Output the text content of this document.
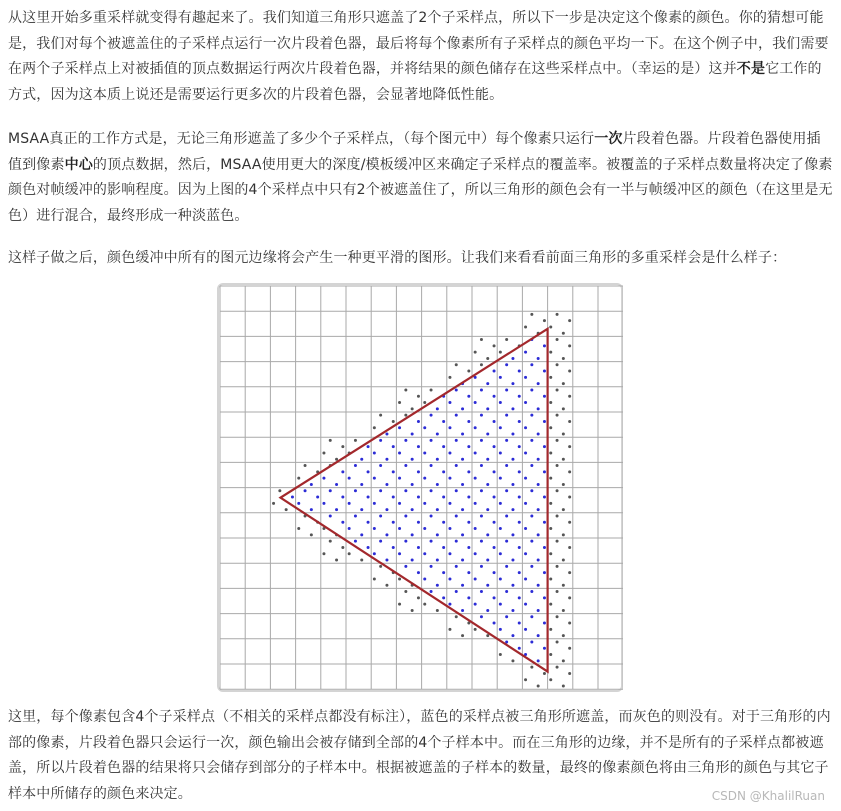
从这里开始多重采样就变得有趣起来了。我们知道三角形只遮盖了2个子采样点，所以下一步是决定这个像素的颜色。你的猜想可能是，我们对每个被遮盖住的子采样点运行一次片段着色器，最后将每个像素所有子采样点的颜色平均一下。在这个例子中，我们需要在两个子采样点上对被插值的顶点数据运行两次片段着色器，并将结果的颜色储存在这些采样点中。（幸运的是）这并不是它工作的方式，因为这本质上说还是需要运行更多次的片段着色器，会显著地降低性能。

MSAA真正的工作方式是，无论三角形遮盖了多少个子采样点，（每个图元中）每个像素只运行一次片段着色器。片段着色器使用插值到像素中心的顶点数据，然后，MSAA使用更大的深度/模板缓冲区来确定子采样点的覆盖率。被覆盖的子采样点数量将决定了像素颜色对帧缓冲的影响程度。因为上图的4个采样点中只有2个被遮盖住了，所以三角形的颜色会有一半与帧缓冲区的颜色（在这里是无色）进行混合，最终形成一种淡蓝色。

这样子做之后，颜色缓冲中所有的图元边缘将会产生一种更平滑的图形。让我们来看看前面三角形的多重采样会是什么样子：

这里，每个像素包含4个子采样点（不相关的采样点都没有标注），蓝色的采样点被三角形所遮盖，而灰色的则没有。对于三角形的内部的像素，片段着色器只会运行一次，颜色输出会被存储到全部的4个子样本中。而在三角形的边缘，并不是所有的子采样点都被遮盖，所以片段着色器的结果将只会储存到部分的子样本中。根据被遮盖的子样本的数量，最终的像素颜色将由三角形的颜色与其它子样本中所储存的颜色来决定。	CSDN @KhalilRuan
